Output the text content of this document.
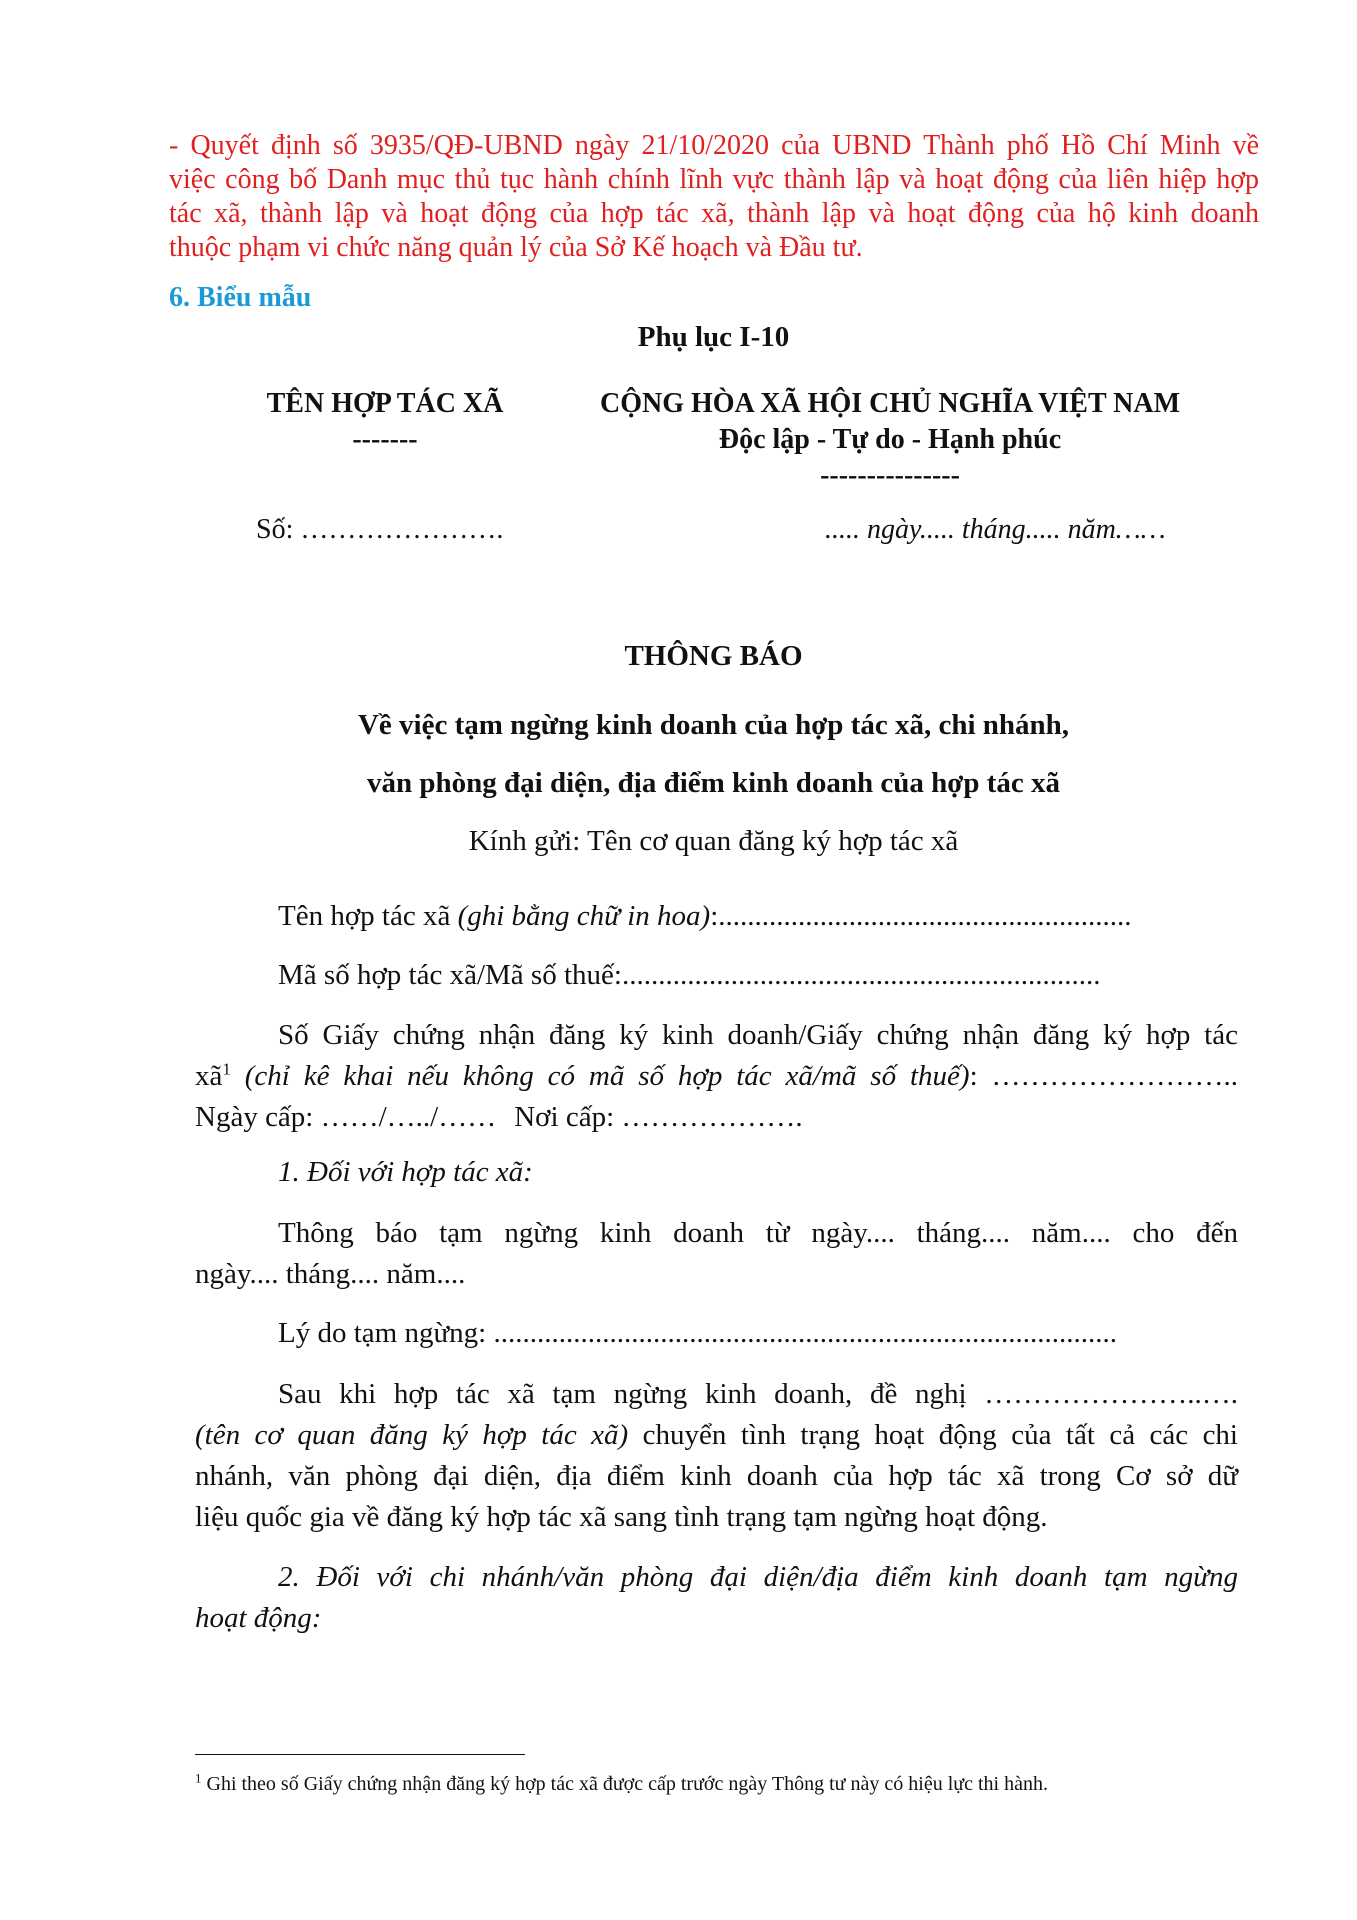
- Quyết định số 3935/QĐ-UBND ngày 21/10/2020 của UBND Thành phố Hồ Chí Minh về
việc công bố Danh mục thủ tục hành chính lĩnh vực thành lập và hoạt động của liên hiệp hợp
tác xã, thành lập và hoạt động của hợp tác xã, thành lập và hoạt động của hộ kinh doanh
thuộc phạm vi chức năng quản lý của Sở Kế hoạch và Đầu tư.
6. Biểu mẫu
Phụ lục I-10
TÊN HỢP TÁC XÃ
-------
Số: ………………….
CỘNG HÒA XÃ HỘI CHỦ NGHĨA VIỆT NAM
Độc lập - Tự do - Hạnh phúc
---------------
..... ngày..... tháng..... năm……
THÔNG BÁO
Về việc tạm ngừng kinh doanh của hợp tác xã, chi nhánh,
văn phòng đại diện, địa điểm kinh doanh của hợp tác xã
Kính gửi: Tên cơ quan đăng ký hợp tác xã
Tên hợp tác xã (ghi bằng chữ in hoa):.........................................................
Mã số hợp tác xã/Mã số thuế:..................................................................
Số Giấy chứng nhận đăng ký kinh doanh/Giấy chứng nhận đăng ký hợp tác
$xã^1$ (chỉ kê khai nếu không có mã số hợp tác xã/mã số thuế): ……………………..
Ngày cấp: ……/…../…… Nơi cấp: ……………….
1. Đối với hợp tác xã:
Thông báo tạm ngừng kinh doanh từ ngày.... tháng.... năm.... cho đến
ngày.... tháng.... năm....
Lý do tạm ngừng: ......................................................................................
Sau khi hợp tác xã tạm ngừng kinh doanh, đề nghị …………………..….
(tên cơ quan đăng ký hợp tác xã) chuyển tình trạng hoạt động của tất cả các chi
nhánh, văn phòng đại diện, địa điểm kinh doanh của hợp tác xã trong Cơ sở dữ
liệu quốc gia về đăng ký hợp tác xã sang tình trạng tạm ngừng hoạt động.
2. Đối với chi nhánh/văn phòng đại diện/địa điểm kinh doanh tạm ngừng
hoạt động:
$^1$ Ghi theo số Giấy chứng nhận đăng ký hợp tác xã được cấp trước ngày Thông tư này có hiệu lực thi hành.
